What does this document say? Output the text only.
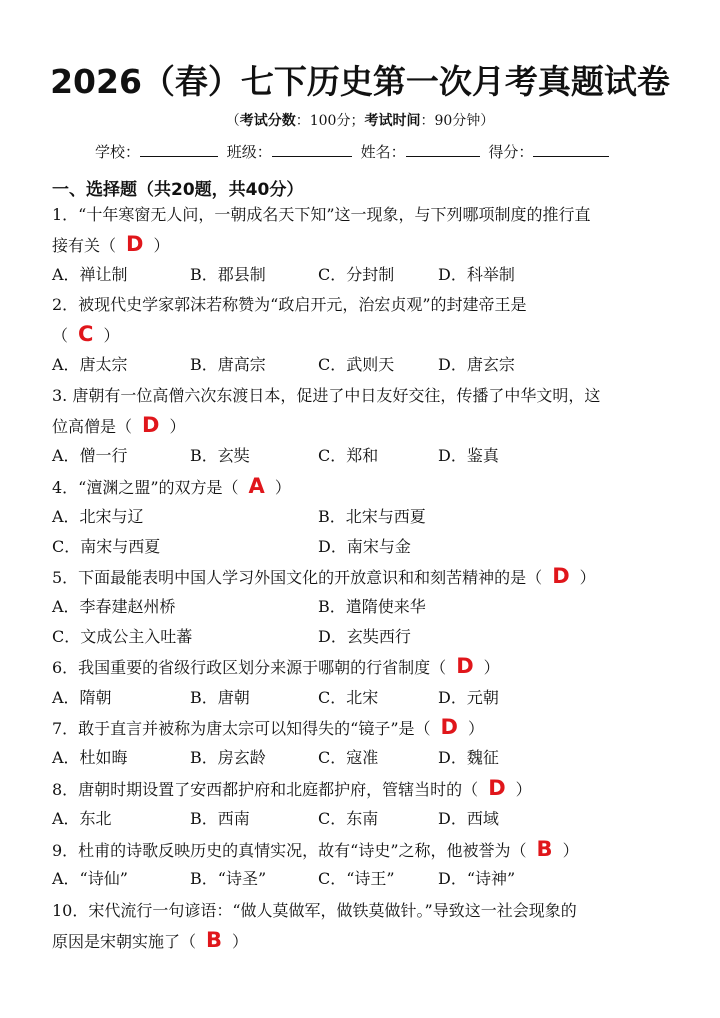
2026（春）七下历史第一次月考真题试卷
（考试分数：100分；考试时间：90分钟）
学校：	班级：	姓名：	得分：
一、选择题（共20题，共40分）
1．“十年寒窗无人问，一朝成名天下知”这一现象，与下列哪项制度的推行直
接有关（ D ）
A．禅让制	B．郡县制	C．分封制	D．科举制
2．被现代史学家郭沫若称赞为“政启开元，治宏贞观”的封建帝王是
（ C ）
A．唐太宗	B．唐高宗	C．武则天	D．唐玄宗
3. 唐朝有一位高僧六次东渡日本，促进了中日友好交往，传播了中华文明，这
位高僧是（ D ）
A．僧一行	B．玄奘	C．郑和	D．鉴真
4．“澶渊之盟”的双方是（ A ）
A．北宋与辽	B．北宋与西夏
C．南宋与西夏	D．南宋与金
5．下面最能表明中国人学习外国文化的开放意识和和刻苦精神的是（ D ）
A．李春建赵州桥	B．遣隋使来华
C．文成公主入吐蕃	D．玄奘西行
6．我国重要的省级行政区划分来源于哪朝的行省制度（ D ）
A．隋朝	B．唐朝	C．北宋	D．元朝
7．敢于直言并被称为唐太宗可以知得失的“镜子”是（ D ）
A．杜如晦	B．房玄龄	C．寇准	D．魏征
8．唐朝时期设置了安西都护府和北庭都护府，管辖当时的（ D ）
A．东北	B．西南	C．东南	D．西域
9．杜甫的诗歌反映历史的真情实况，故有“诗史”之称，他被誉为（ B ）
A．“诗仙”	B．“诗圣”	C．“诗王”	D．“诗神”
10．宋代流行一句谚语：“做人莫做军，做铁莫做针。”导致这一社会现象的
原因是宋朝实施了（ B ）
